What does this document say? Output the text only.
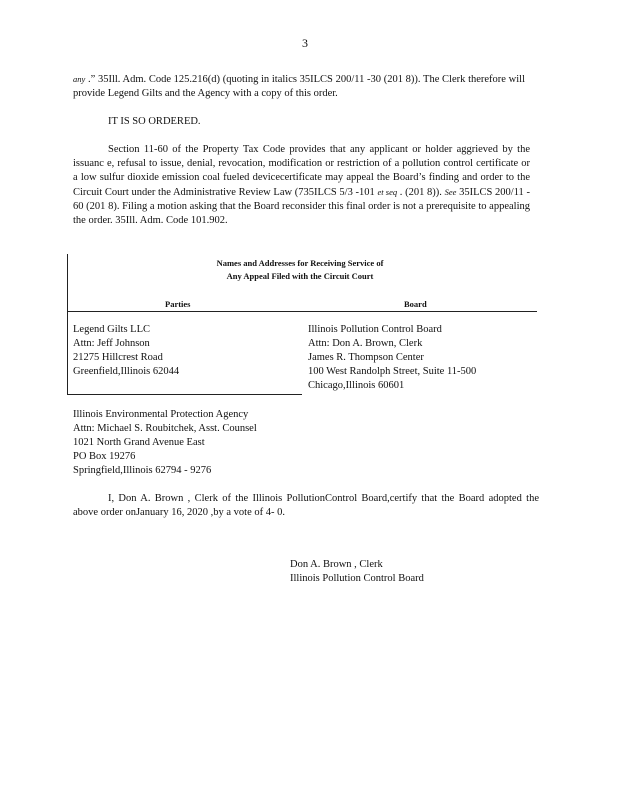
3
any .” 35Ill. Adm. Code 125.216(d) (quoting in italics 35ILCS 200/11 -30 (201 8)). The Clerk therefore will provide Legend Gilts and the Agency with a copy of this order.
IT IS SO ORDERED.
Section 11-60 of the Property Tax Code provides that any applicant or holder aggrieved by the issuanc e, refusal to issue, denial, revocation, modification or restriction of a pollution control certificate or a low sulfur dioxide emission coal fueled devicecertificate may appeal the Board’s finding and order to the Circuit Court under the Administrative Review Law (735ILCS 5/3 -101 et seq . (201 8)). See 35ILCS 200/11 - 60 (201 8). Filing a motion asking that the Board reconsider this final order is not a prerequisite to appealing the order. 35Ill. Adm. Code 101.902.
Names and Addresses for Receiving Service of
Any Appeal Filed with the Circuit Court
Parties	Board
Legend Gilts LLC
Attn: Jeff Johnson
21275 Hillcrest Road
Greenfield,Illinois 62044
Illinois Pollution Control Board
Attn: Don A. Brown, Clerk
James R. Thompson Center
100 West Randolph Street, Suite 11-500
Chicago,Illinois 60601
Illinois Environmental Protection Agency
Attn: Michael S. Roubitchek, Asst. Counsel
1021 North Grand Avenue East
PO Box 19276
Springfield,Illinois 62794 - 9276
I, Don A. Brown , Clerk of the Illinois PollutionControl Board,certify that the Board adopted the above order onJanuary 16, 2020 ,by a vote of 4- 0.
Don A. Brown , Clerk
Illinois Pollution Control Board
